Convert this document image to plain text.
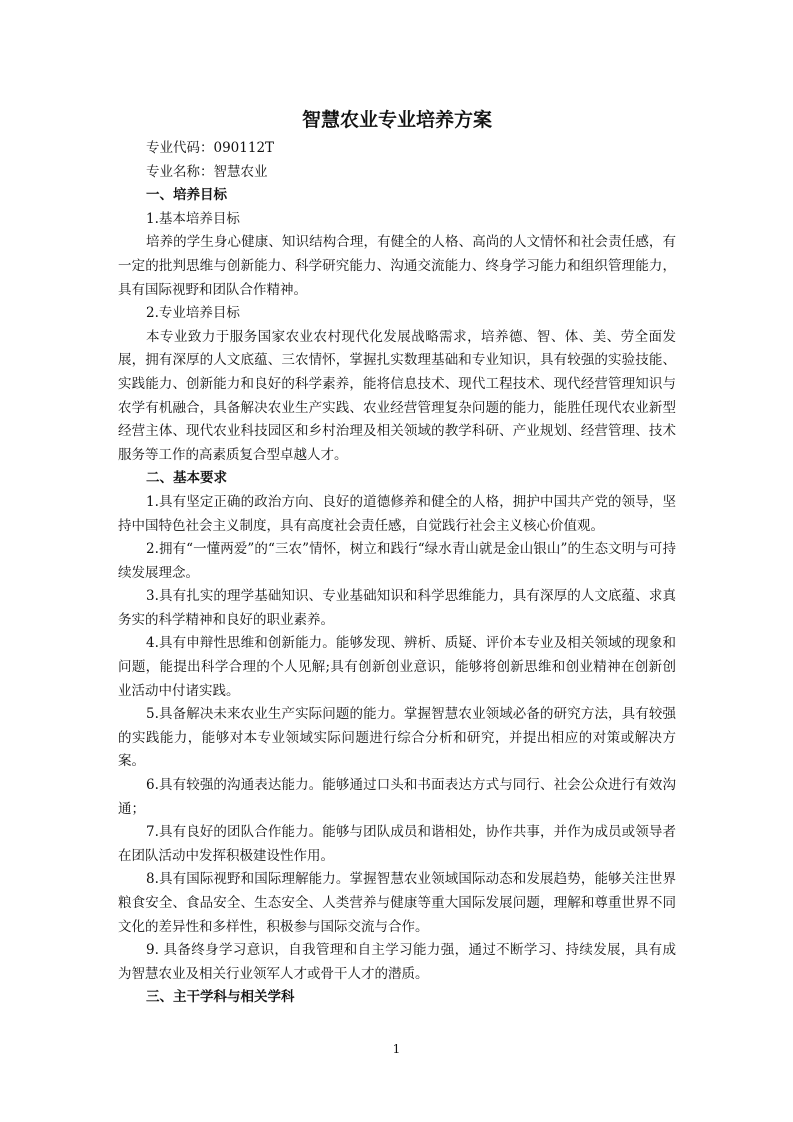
智慧农业专业培养方案

专业代码：090112T

专业名称：智慧农业

一、培养目标

1.基本培养目标

培养的学生身心健康、知识结构合理，有健全的人格、高尚的人文情怀和社会责任感，有一定的批判思维与创新能力、科学研究能力、沟通交流能力、终身学习能力和组织管理能力，具有国际视野和团队合作精神。

2.专业培养目标

本专业致力于服务国家农业农村现代化发展战略需求，培养德、智、体、美、劳全面发展，拥有深厚的人文底蕴、三农情怀，掌握扎实数理基础和专业知识，具有较强的实验技能、实践能力、创新能力和良好的科学素养，能将信息技术、现代工程技术、现代经营管理知识与农学有机融合，具备解决农业生产实践、农业经营管理复杂问题的能力，能胜任现代农业新型经营主体、现代农业科技园区和乡村治理及相关领域的教学科研、产业规划、经营管理、技术服务等工作的高素质复合型卓越人才。

二、基本要求

1.具有坚定正确的政治方向、良好的道德修养和健全的人格，拥护中国共产党的领导，坚持中国特色社会主义制度，具有高度社会责任感，自觉践行社会主义核心价值观。

2.拥有“一懂两爱”的“三农”情怀，树立和践行“绿水青山就是金山银山”的生态文明与可持续发展理念。

3.具有扎实的理学基础知识、专业基础知识和科学思维能力，具有深厚的人文底蕴、求真务实的科学精神和良好的职业素养。

4.具有申辩性思维和创新能力。能够发现、辨析、质疑、评价本专业及相关领域的现象和问题，能提出科学合理的个人见解;具有创新创业意识，能够将创新思维和创业精神在创新创业活动中付诸实践。

5.具备解决未来农业生产实际问题的能力。掌握智慧农业领域必备的研究方法，具有较强的实践能力，能够对本专业领域实际问题进行综合分析和研究，并提出相应的对策或解决方案。

6.具有较强的沟通表达能力。能够通过口头和书面表达方式与同行、社会公众进行有效沟通；

7.具有良好的团队合作能力。能够与团队成员和谐相处，协作共事，并作为成员或领导者在团队活动中发挥积极建设性作用。

8.具有国际视野和国际理解能力。掌握智慧农业领域国际动态和发展趋势，能够关注世界粮食安全、食品安全、生态安全、人类营养与健康等重大国际发展问题，理解和尊重世界不同文化的差异性和多样性，积极参与国际交流与合作。

9. 具备终身学习意识，自我管理和自主学习能力强，通过不断学习、持续发展，具有成为智慧农业及相关行业领军人才或骨干人才的潜质。

三、主干学科与相关学科

1
